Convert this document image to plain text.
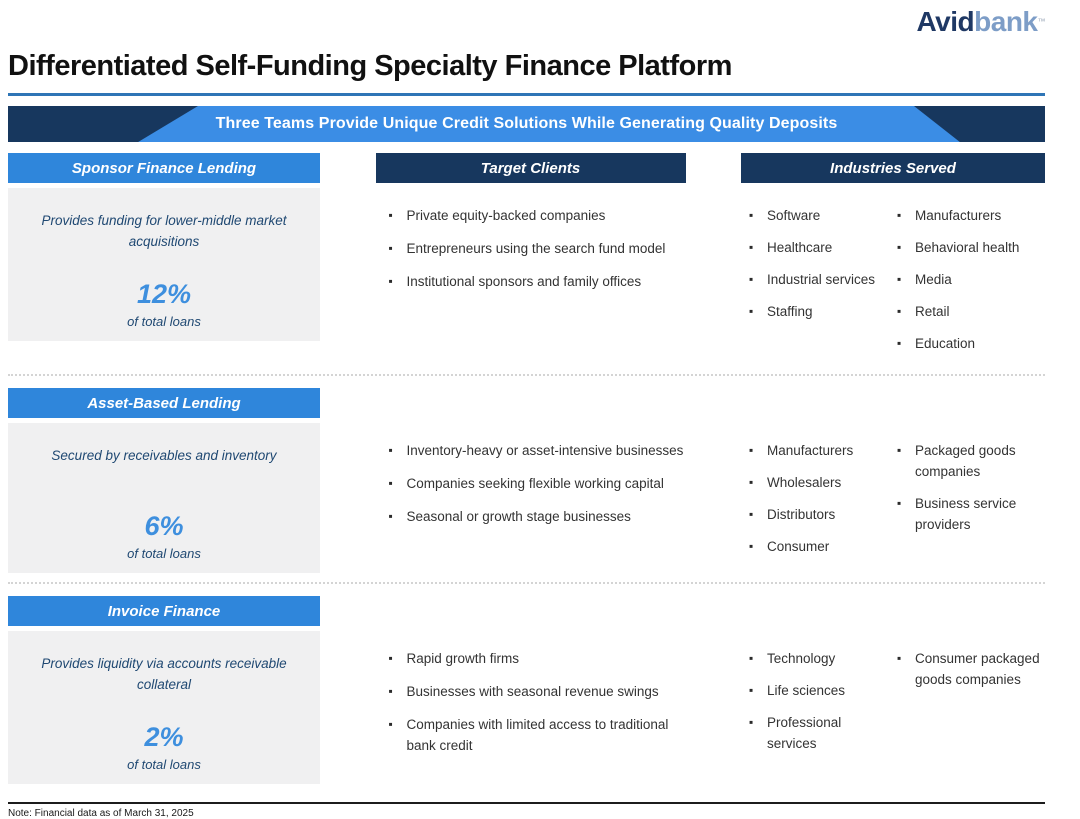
Avidbank™
Differentiated Self-Funding Specialty Finance Platform
Three Teams Provide Unique Credit Solutions While Generating Quality Deposits
Sponsor Finance Lending
Provides funding for lower-middle market acquisitions
12%
of total loans
Target Clients
▪ Private equity-backed companies
▪ Entrepreneurs using the search fund model
▪ Institutional sponsors and family offices
Industries Served
▪ Software
▪ Healthcare
▪ Industrial services
▪ Staffing
▪ Manufacturers
▪ Behavioral health
▪ Media
▪ Retail
▪ Education
Asset-Based Lending
Secured by receivables and inventory
6%
of total loans
▪ Inventory-heavy or asset-intensive businesses
▪ Companies seeking flexible working capital
▪ Seasonal or growth stage businesses
▪ Manufacturers
▪ Wholesalers
▪ Distributors
▪ Consumer
▪ Packaged goods companies
▪ Business service providers
Invoice Finance
Provides liquidity via accounts receivable collateral
2%
of total loans
▪ Rapid growth firms
▪ Businesses with seasonal revenue swings
▪ Companies with limited access to traditional bank credit
▪ Technology
▪ Life sciences
▪ Professional services
▪ Consumer packaged goods companies
Note: Financial data as of March 31, 2025
